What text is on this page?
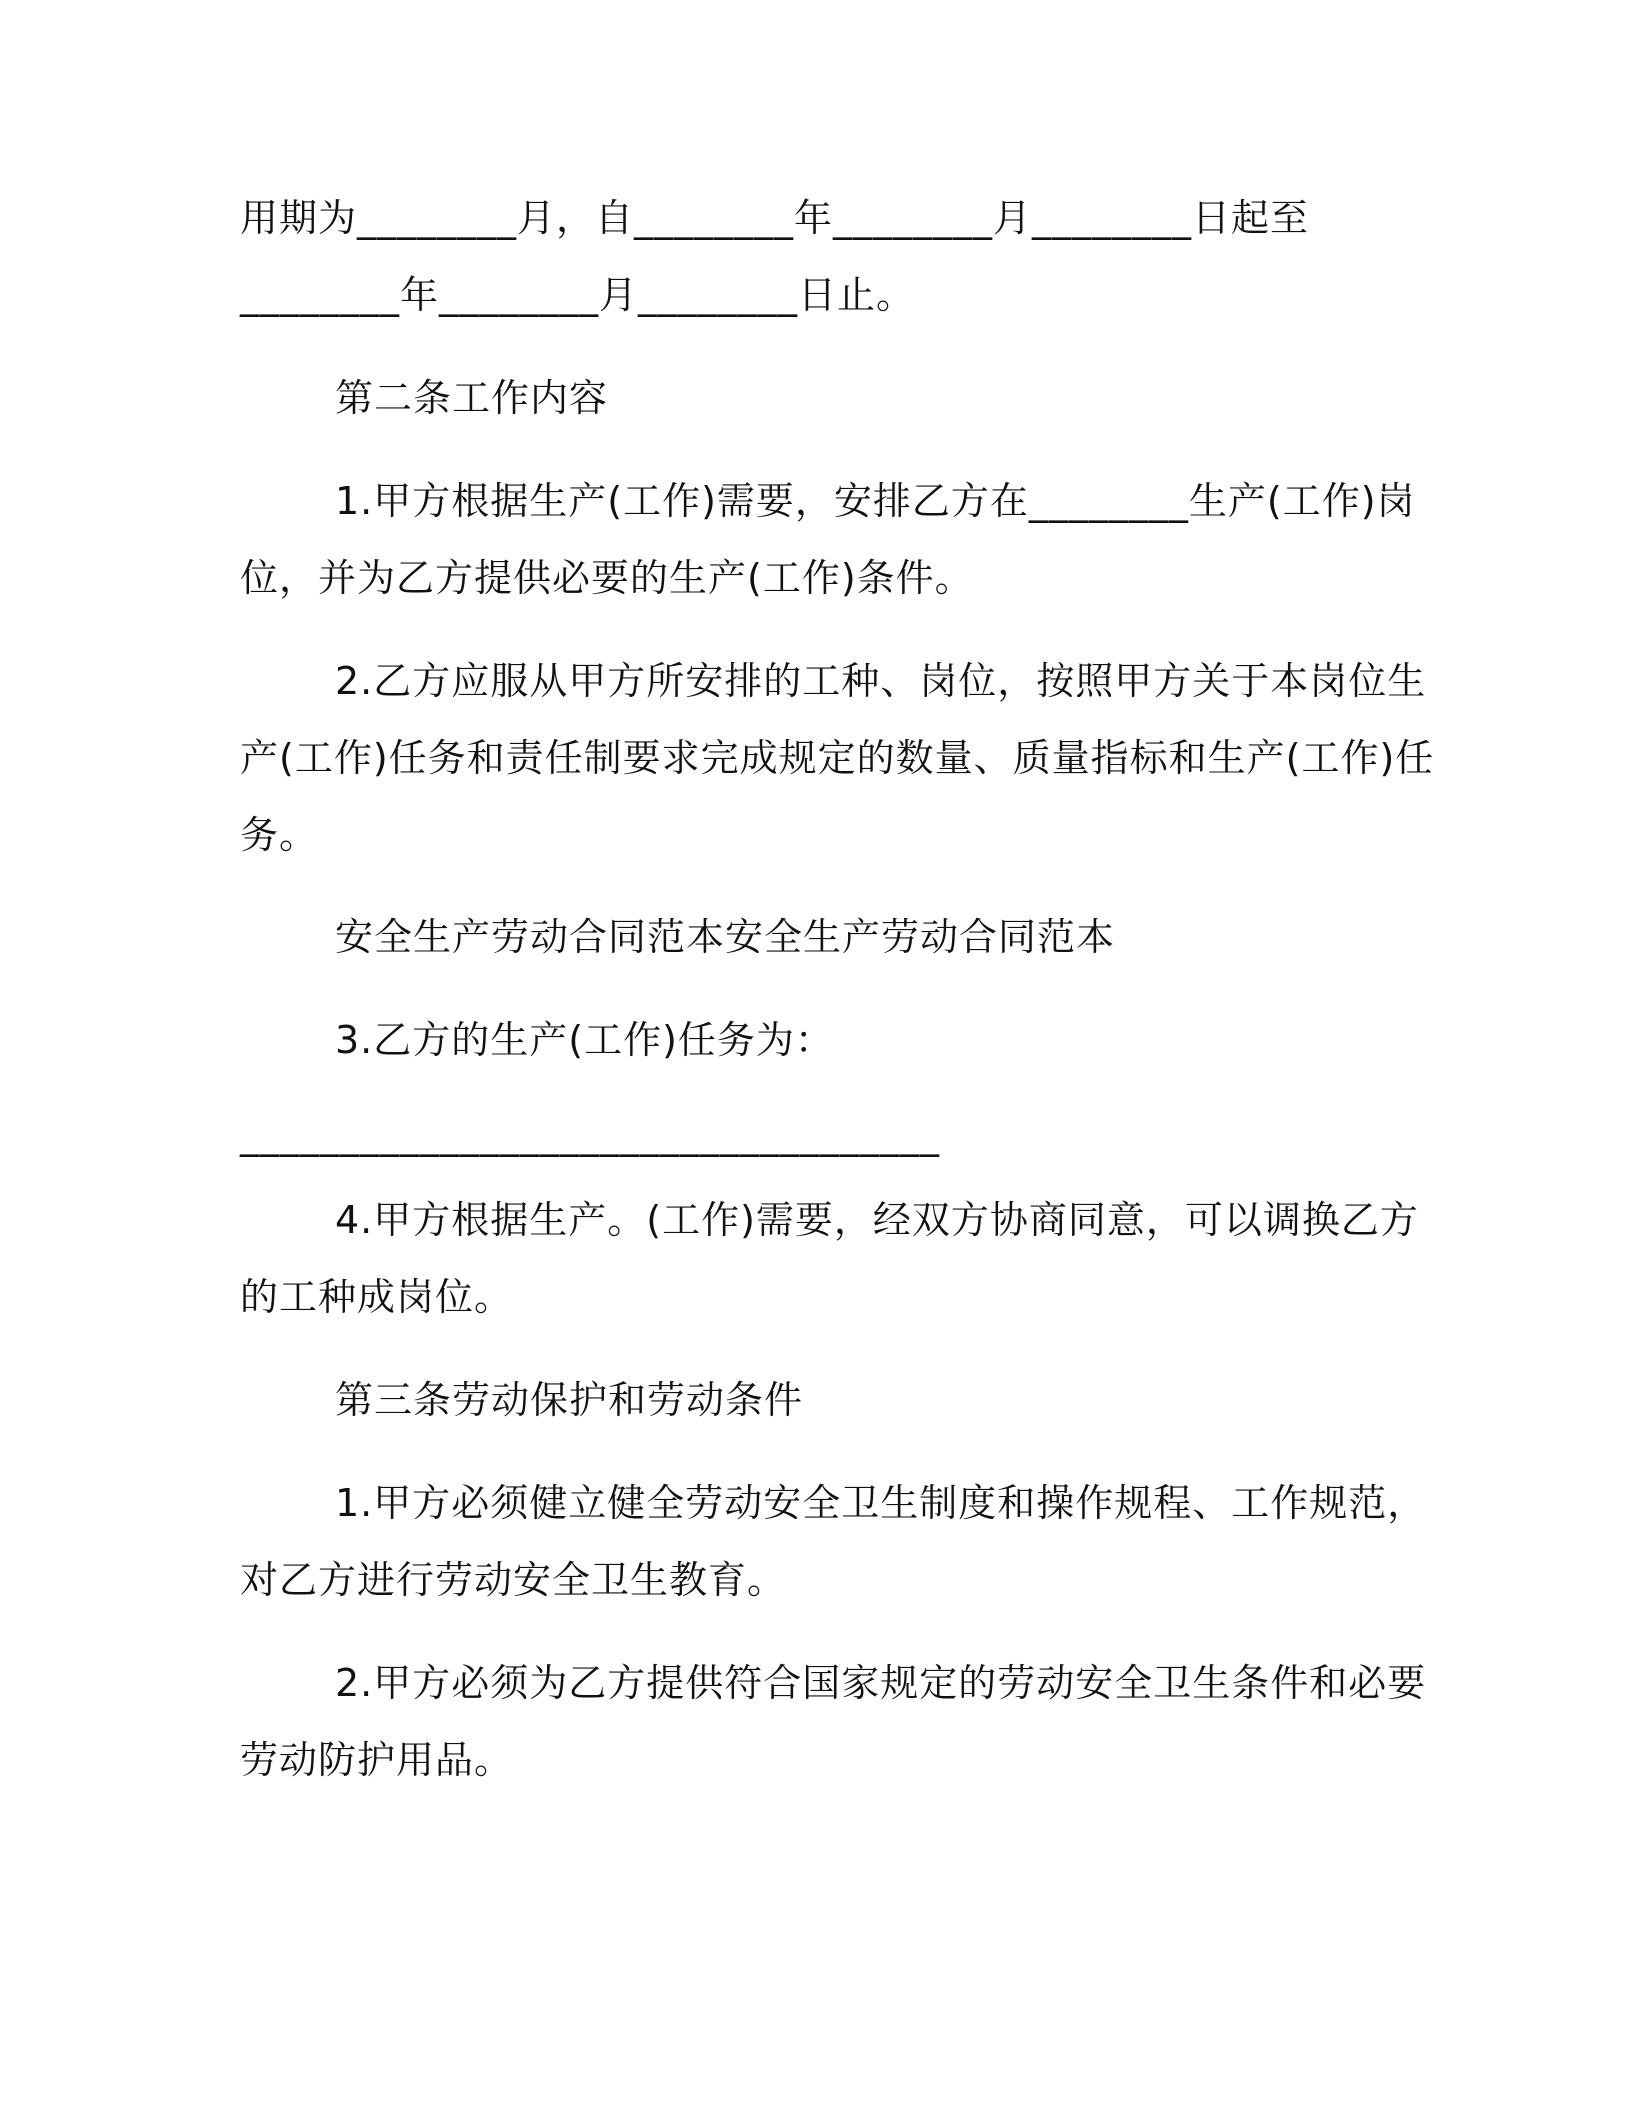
用期为________月，自________年________月________日起至
________年________月________日止。
第二条工作内容
1.甲方根据生产(工作)需要，安排乙方在________生产(工作)岗
位，并为乙方提供必要的生产(工作)条件。
2.乙方应服从甲方所安排的工种、岗位，按照甲方关于本岗位生
产(工作)任务和责任制要求完成规定的数量、质量指标和生产(工作)任
务。
安全生产劳动合同范本安全生产劳动合同范本
3.乙方的生产(工作)任务为：
___________________________________
4.甲方根据生产。(工作)需要，经双方协商同意，可以调换乙方
的工种成岗位。
第三条劳动保护和劳动条件
1.甲方必须健立健全劳动安全卫生制度和操作规程、工作规范，
对乙方进行劳动安全卫生教育。
2.甲方必须为乙方提供符合国家规定的劳动安全卫生条件和必要
劳动防护用品。
